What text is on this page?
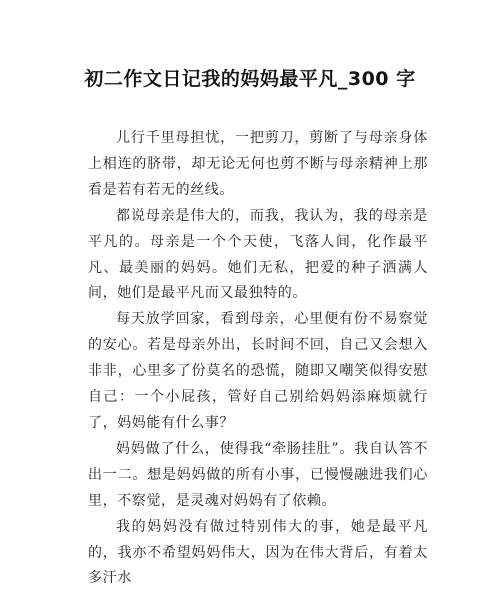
初二作文日记我的妈妈最平凡_300 字

儿行千里母担忧，一把剪刀，剪断了与母亲身体上相连的脐带，却无论无何也剪不断与母亲精神上那看是若有若无的丝线。

都说母亲是伟大的，而我，我认为，我的母亲是平凡的。母亲是一个个天使，飞落人间，化作最平凡、最美丽的妈妈。她们无私，把爱的种子洒满人间，她们是最平凡而又最独特的。

每天放学回家，看到母亲，心里便有份不易察觉的安心。若是母亲外出，长时间不回，自己又会想入非非，心里多了份莫名的恐慌，随即又嘲笑似得安慰自己：一个小屁孩，管好自己别给妈妈添麻烦就行了，妈妈能有什么事？

妈妈做了什么，使得我“牵肠挂肚”。我自认答不出一二。想是妈妈做的所有小事，已慢慢融进我们心里，不察觉，是灵魂对妈妈有了依赖。

我的妈妈没有做过特别伟大的事，她是最平凡的，我亦不希望妈妈伟大，因为在伟大背后，有着太多汗水
